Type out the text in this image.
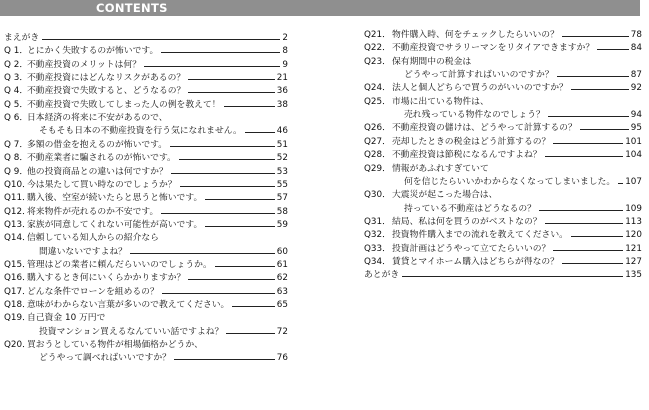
CONTENTS
まえがき	2
Q 1．
とにかく失敗するのが怖いです。	8
Q 2．
不動産投資のメリットは何？	9
Q 3．
不動産投資にはどんなリスクがあるの？	21
Q 4．
不動産投資で失敗すると、どうなるの？	36
Q 5．
不動産投資で失敗してしまった人の例を教えて！	38
Q 6．
日本経済の将来に不安があるので、
そもそも日本の不動産投資を行う気になれません。	46
Q 7．
多額の借金を抱えるのが怖いです。	51
Q 8．
不動産業者に騙されるのが怖いです。	52
Q 9．
他の投資商品との違いは何ですか？	53
Q10．
今は果たして買い時なのでしょうか？	55
Q11．
購入後、空室が続いたらと思うと怖いです。	57
Q12．
将来物件が売れるのか不安です。	58
Q13．
家族が同意してくれない可能性が高いです。	59
Q14．
信頼している知人からの紹介なら
間違いないですよね？	60
Q15．
管理はどの業者に頼んだらいいのでしょうか。	61
Q16．
購入するとき何にいくらかかりますか？	62
Q17．
どんな条件でローンを組めるの？	63
Q18．
意味がわからない言葉が多いので教えてください。	65
Q19．
自己資金 10 万円で
投資マンション買えるなんていい話ですよね？	72
Q20．
買おうとしている物件が相場価格かどうか、
どうやって調べればいいですか？	76
Q21． 物件購入時、何をチェックしたらいいの？	78
Q22． 不動産投資でサラリーマンをリタイアできますか？	84
Q23． 保有期間中の税金は
どうやって計算すればいいのですか？	87
Q24． 法人と個人どちらで買うのがいいのですか？	92
Q25． 市場に出ている物件は、
売れ残っている物件なのでしょう？	94
Q26． 不動産投資の儲けは、どうやって計算するの？	95
Q27． 売却したときの税金はどう計算するの？	101
Q28． 不動産投資は節税になるんですよね？	104
Q29． 情報があふれすぎていて
何を信じたらいいかわからなくなってしまいました。 107
Q30． 大震災が起こった場合は、
持っている不動産はどうなるの？	109
Q31． 結局、私は何を買うのがベストなの？	113
Q32． 投資物件購入までの流れを教えてください。	120
Q33． 投資計画はどうやって立てたらいいの？	121
Q34． 賃貸とマイホーム購入はどちらが得なの？	127
あとがき	135
